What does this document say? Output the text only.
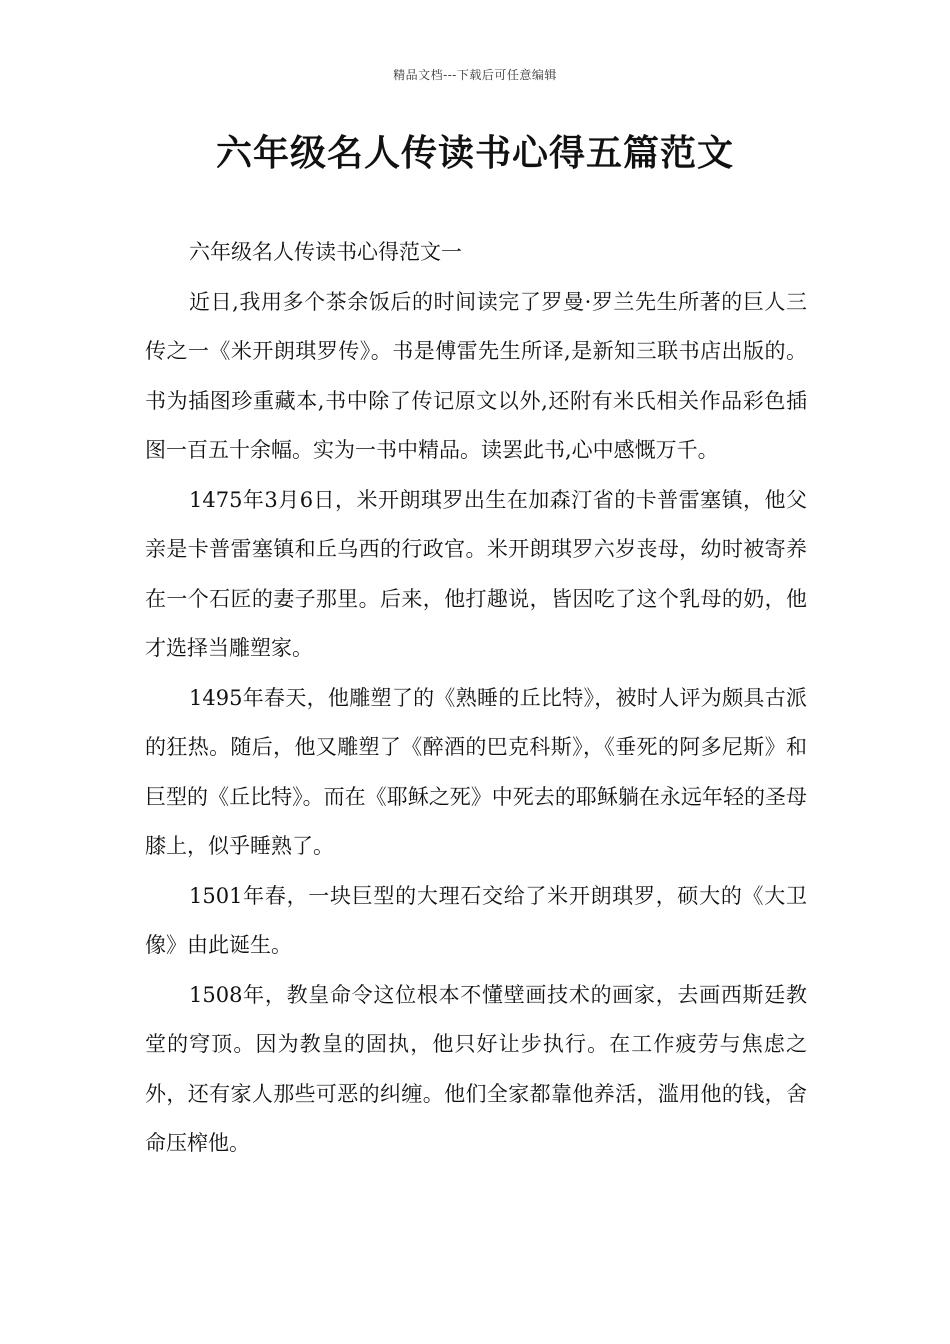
精品文档---下载后可任意编辑
六年级名人传读书心得五篇范文

六年级名人传读书心得范文一

近日,我用多个茶余饭后的时间读完了罗曼·罗兰先生所著的巨人三传之一《米开朗琪罗传》。书是傅雷先生所译,是新知三联书店出版的。书为插图珍重藏本,书中除了传记原文以外,还附有米氏相关作品彩色插图一百五十余幅。实为一书中精品。读罢此书,心中感慨万千。

1475年3月6日，米开朗琪罗出生在加森汀省的卡普雷塞镇，他父亲是卡普雷塞镇和丘乌西的行政官。米开朗琪罗六岁丧母，幼时被寄养在一个石匠的妻子那里。后来，他打趣说，皆因吃了这个乳母的奶，他才选择当雕塑家。

1495年春天，他雕塑了的《熟睡的丘比特》，被时人评为颇具古派的狂热。随后，他又雕塑了《醉酒的巴克科斯》，《垂死的阿多尼斯》和巨型的《丘比特》。而在《耶稣之死》中死去的耶稣躺在永远年轻的圣母膝上，似乎睡熟了。

1501年春，一块巨型的大理石交给了米开朗琪罗，硕大的《大卫像》由此诞生。

1508年，教皇命令这位根本不懂壁画技术的画家，去画西斯廷教堂的穹顶。因为教皇的固执，他只好让步执行。在工作疲劳与焦虑之外，还有家人那些可恶的纠缠。他们全家都靠他养活，滥用他的钱，舍命压榨他。
